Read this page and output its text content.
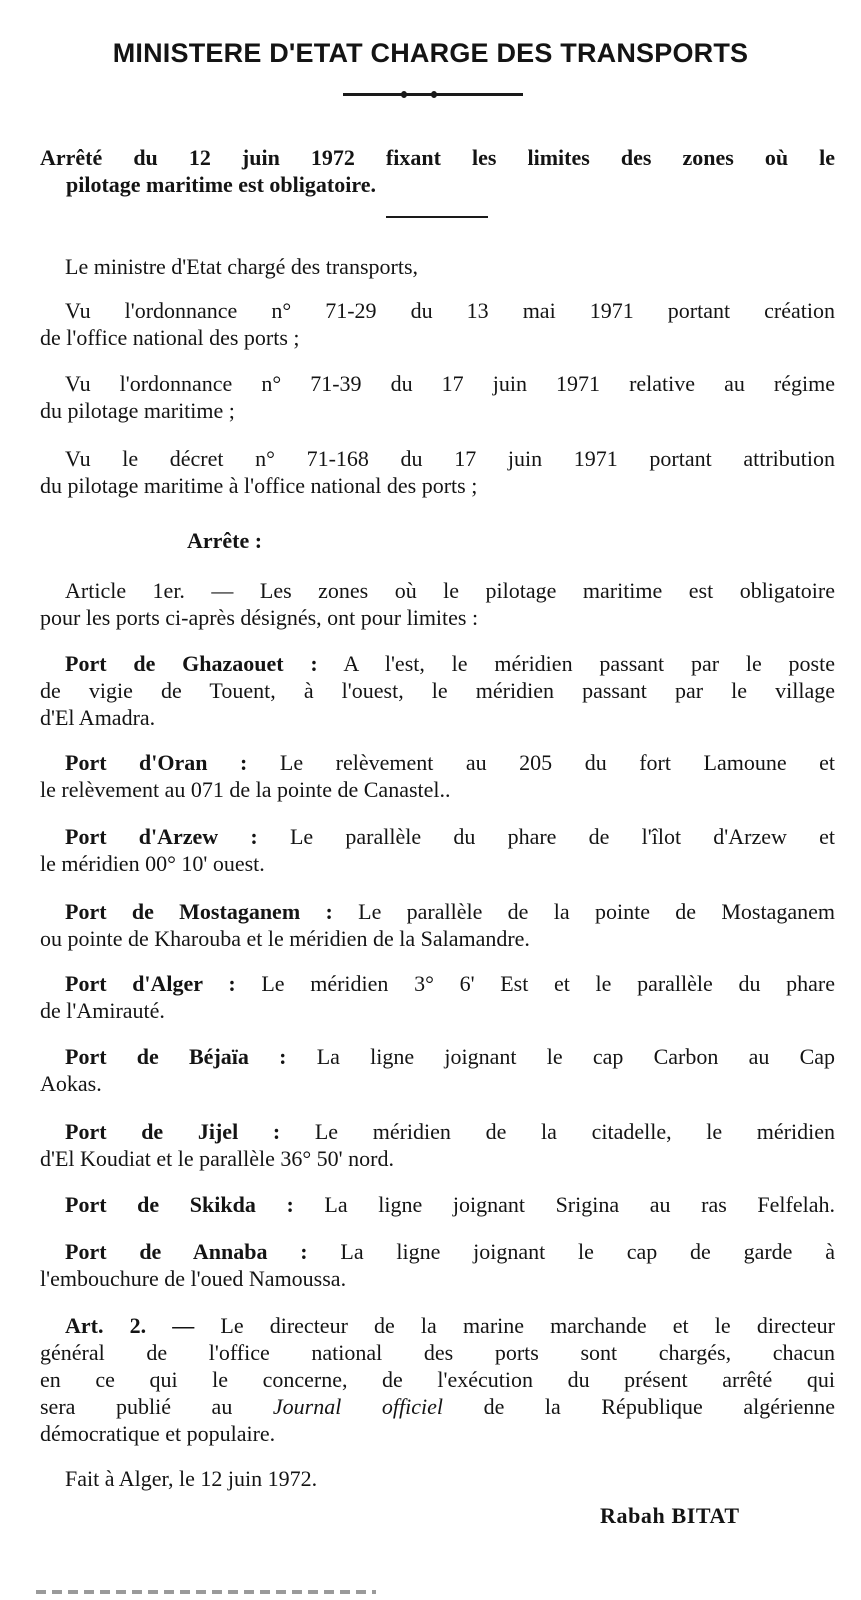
MINISTERE D'ETAT CHARGE DES TRANSPORTS
Arrêté du 12 juin 1972 fixant les limites des zones où le
pilotage maritime est obligatoire.
Le ministre d'Etat chargé des transports,
Vu l'ordonnance n° 71-29 du 13 mai 1971 portant création
de l'office national des ports ;
Vu l'ordonnance n° 71-39 du 17 juin 1971 relative au régime
du pilotage maritime ;
Vu le décret n° 71-168 du 17 juin 1971 portant attribution
du pilotage maritime à l'office national des ports ;
Arrête :
Article 1er. — Les zones où le pilotage maritime est obligatoire
pour les ports ci-après désignés, ont pour limites :
Port de Ghazaouet : A l'est, le méridien passant par le poste
de vigie de Touent, à l'ouest, le méridien passant par le village
d'El Amadra.
Port d'Oran : Le relèvement au 205 du fort Lamoune et
le relèvement au 071 de la pointe de Canastel..
Port d'Arzew : Le parallèle du phare de l'îlot d'Arzew et
le méridien 00° 10' ouest.
Port de Mostaganem : Le parallèle de la pointe de Mostaganem
ou pointe de Kharouba et le méridien de la Salamandre.
Port d'Alger : Le méridien 3° 6' Est et le parallèle du phare
de l'Amirauté.
Port de Béjaïa : La ligne joignant le cap Carbon au Cap
Aokas.
Port de Jijel : Le méridien de la citadelle, le méridien
d'El Koudiat et le parallèle 36° 50' nord.
Port de Skikda : La ligne joignant Srigina au ras Felfelah.
Port de Annaba : La ligne joignant le cap de garde à
l'embouchure de l'oued Namoussa.
Art. 2. — Le directeur de la marine marchande et le directeur
général de l'office national des ports sont chargés, chacun
en ce qui le concerne, de l'exécution du présent arrêté qui
sera publié au Journal officiel de la République algérienne
démocratique et populaire.
Fait à Alger, le 12 juin 1972.
Rabah BITAT
